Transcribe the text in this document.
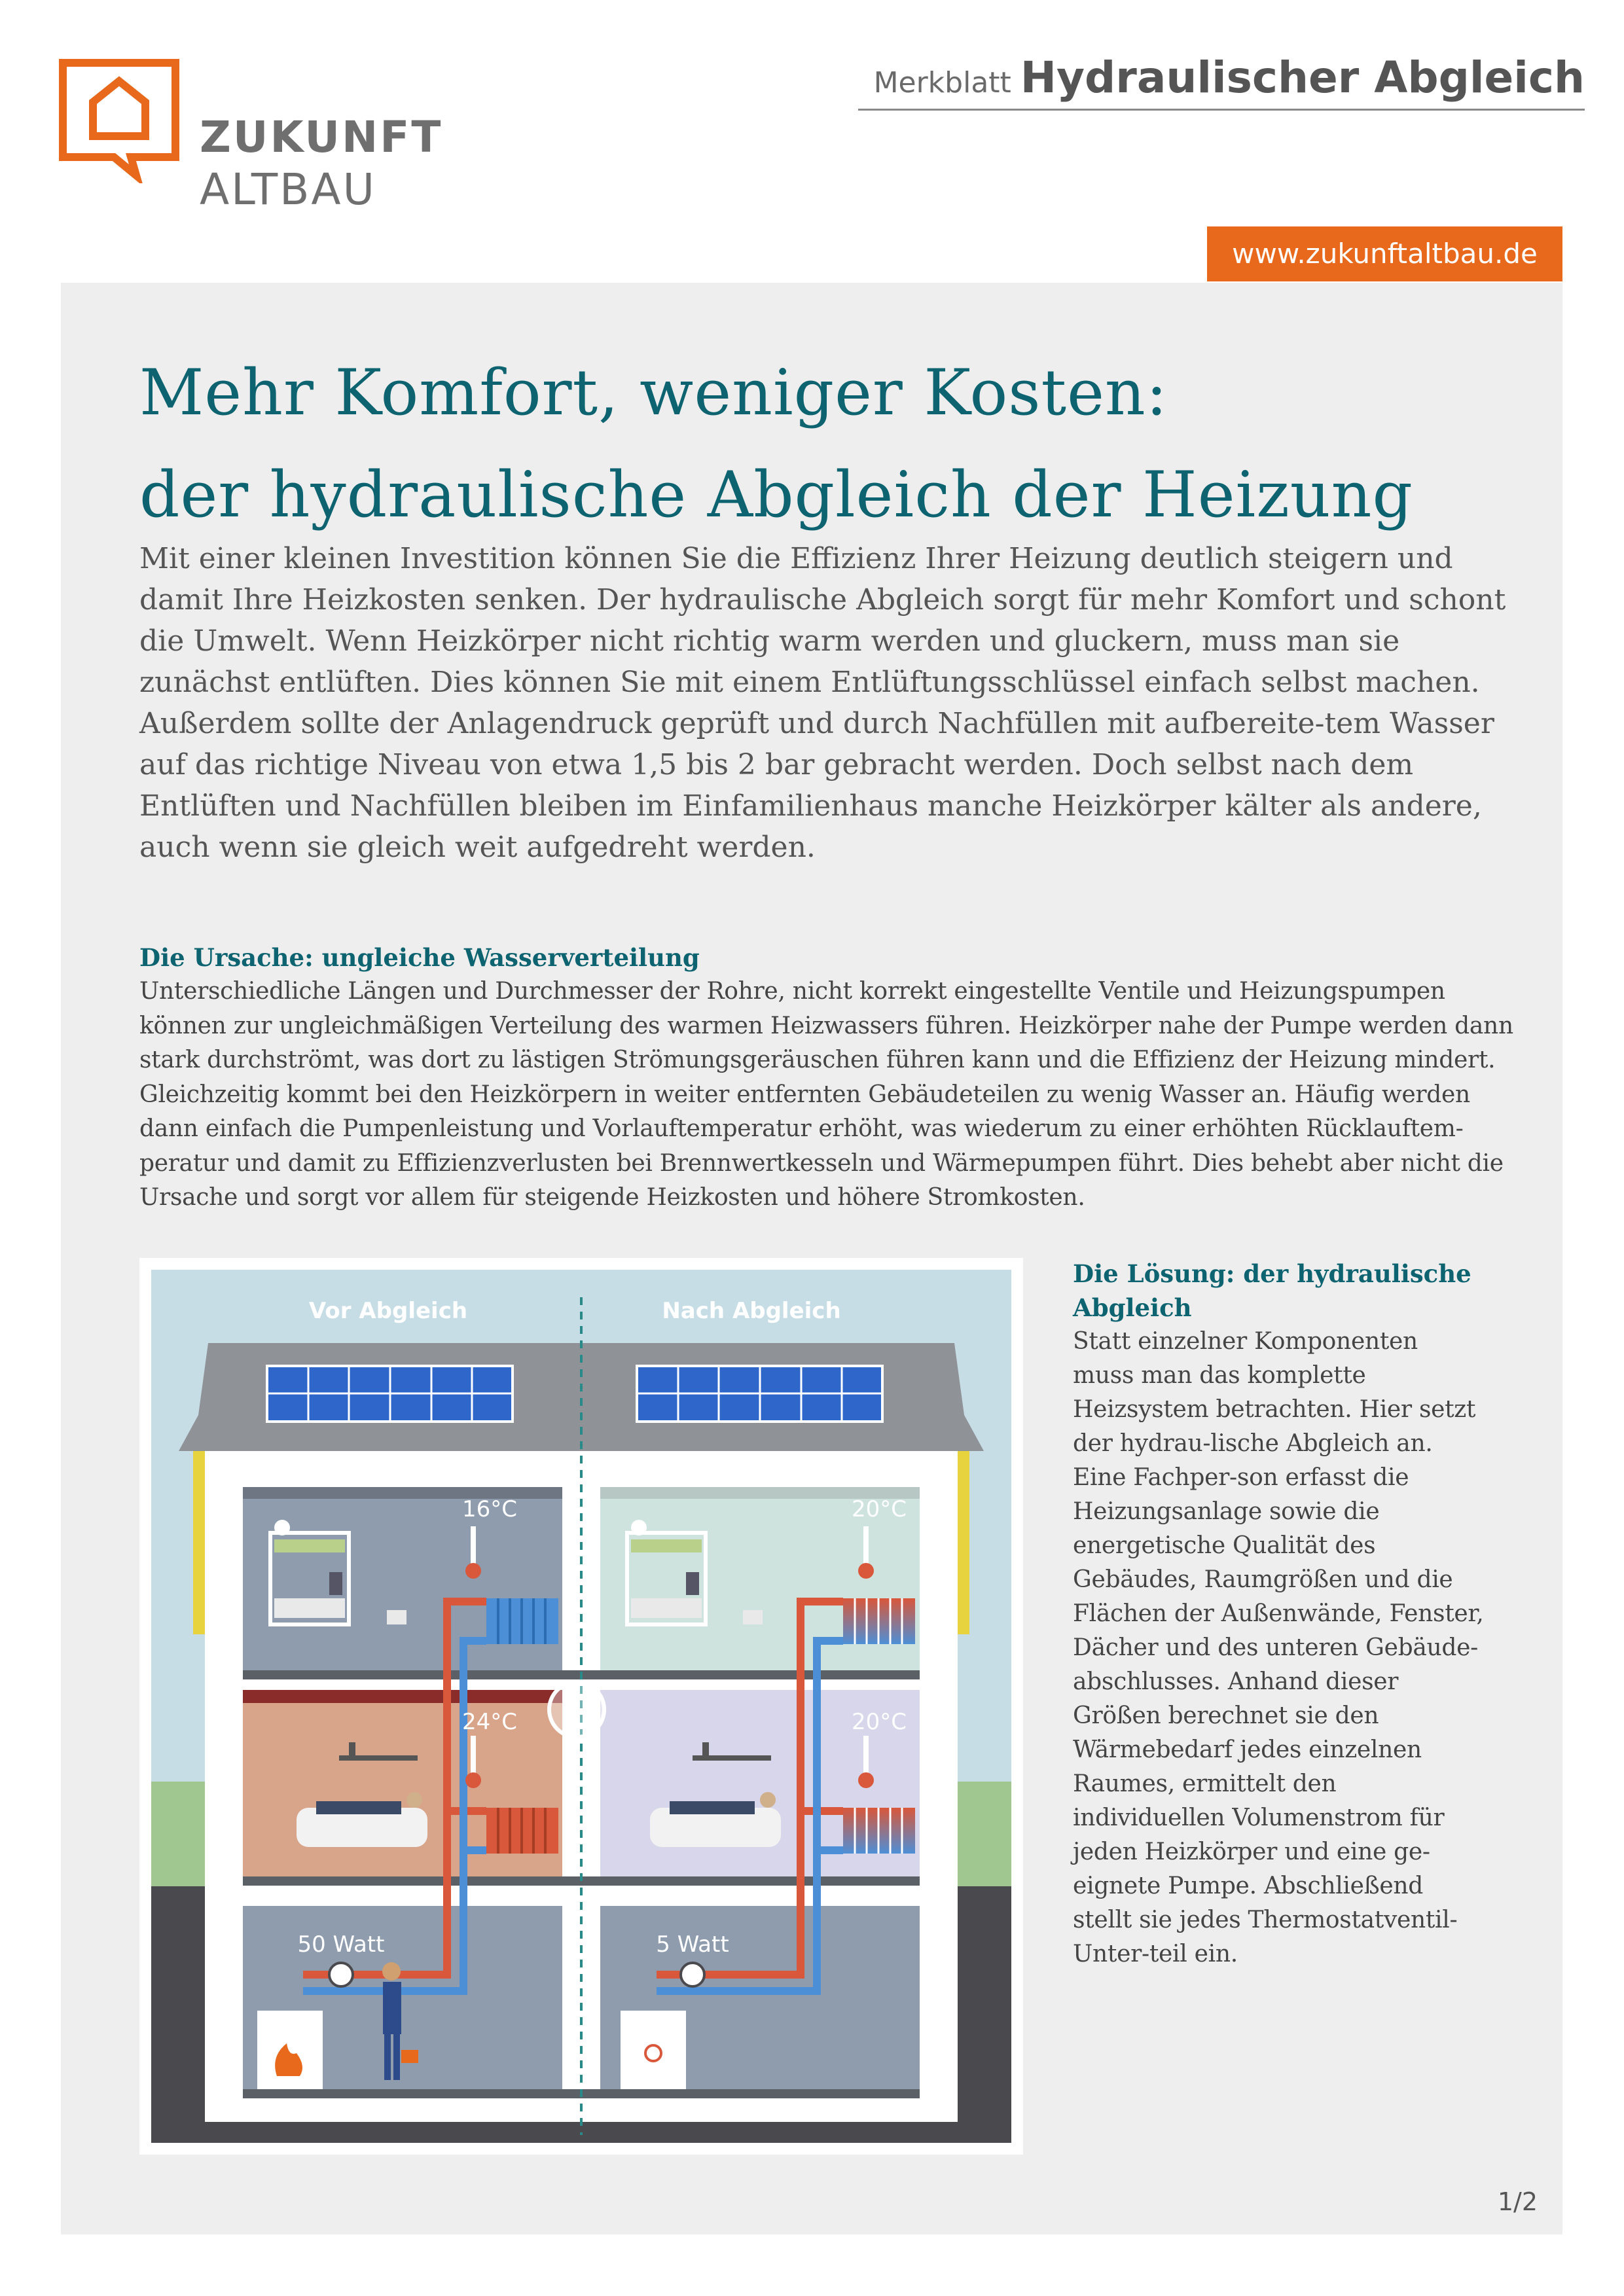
ZUKUNFT
ALTBAU
Merkblatt Hydraulischer Abgleich
www.zukunftaltbau.de
Mehr Komfort, weniger Kosten:
der hydraulische Abgleich der Heizung
Mit einer kleinen Investition können Sie die Effizienz Ihrer Heizung deutlich steigern und damit Ihre Heizkosten senken. Der hydraulische Abgleich sorgt für mehr Komfort und schont die Umwelt. Wenn Heizkörper nicht richtig warm werden und gluckern, muss man sie zunächst entlüften. Dies können Sie mit einem Entlüftungsschlüssel einfach selbst machen. Außerdem sollte der Anlagendruck geprüft und durch Nachfüllen mit aufbereite-tem Wasser auf das richtige Niveau von etwa 1,5 bis 2 bar gebracht werden. Doch selbst nach dem Entlüften und Nachfüllen bleiben im Einfamilienhaus manche Heizkörper kälter als andere, auch wenn sie gleich weit aufgedreht werden.
Die Ursache: ungleiche Wasserverteilung
Unterschiedliche Längen und Durchmesser der Rohre, nicht korrekt eingestellte Ventile und Heizungspumpen können zur ungleichmäßigen Verteilung des warmen Heizwassers führen. Heizkörper nahe der Pumpe werden dann stark durchströmt, was dort zu lästigen Strömungsgeräuschen führen kann und die Effizienz der Heizung mindert. Gleichzeitig kommt bei den Heizkörpern in weiter entfernten Gebäudeteilen zu wenig Wasser an. Häufig werden dann einfach die Pumpenleistung und Vorlauftemperatur erhöht, was wiederum zu einer erhöhten Rücklauftem-peratur und damit zu Effizienzverlusten bei Brennwertkesseln und Wärmepumpen führt. Dies behebt aber nicht die Ursache und sorgt vor allem für steigende Heizkosten und höhere Stromkosten.
Vor Abgleich	Nach Abgleich
16°C
24°C
20°C
20°C
50 Watt	5 Watt
Die Lösung: der hydraulische Abgleich
Statt einzelner Komponenten muss man das komplette Heizsystem betrachten. Hier setzt der hydrau-lische Abgleich an. Eine Fachper-son erfasst die Heizungsanlage sowie die energetische Qualität des Gebäudes, Raumgrößen und die Flächen der Außenwände, Fenster, Dächer und des unteren Gebäude-abschlusses. Anhand dieser Größen berechnet sie den Wärmebedarf jedes einzelnen Raumes, ermittelt den individuellen Volumenstrom für jeden Heizkörper und eine ge-eignete Pumpe. Abschließend stellt sie jedes Thermostatventil-Unter-teil ein.
1/2
